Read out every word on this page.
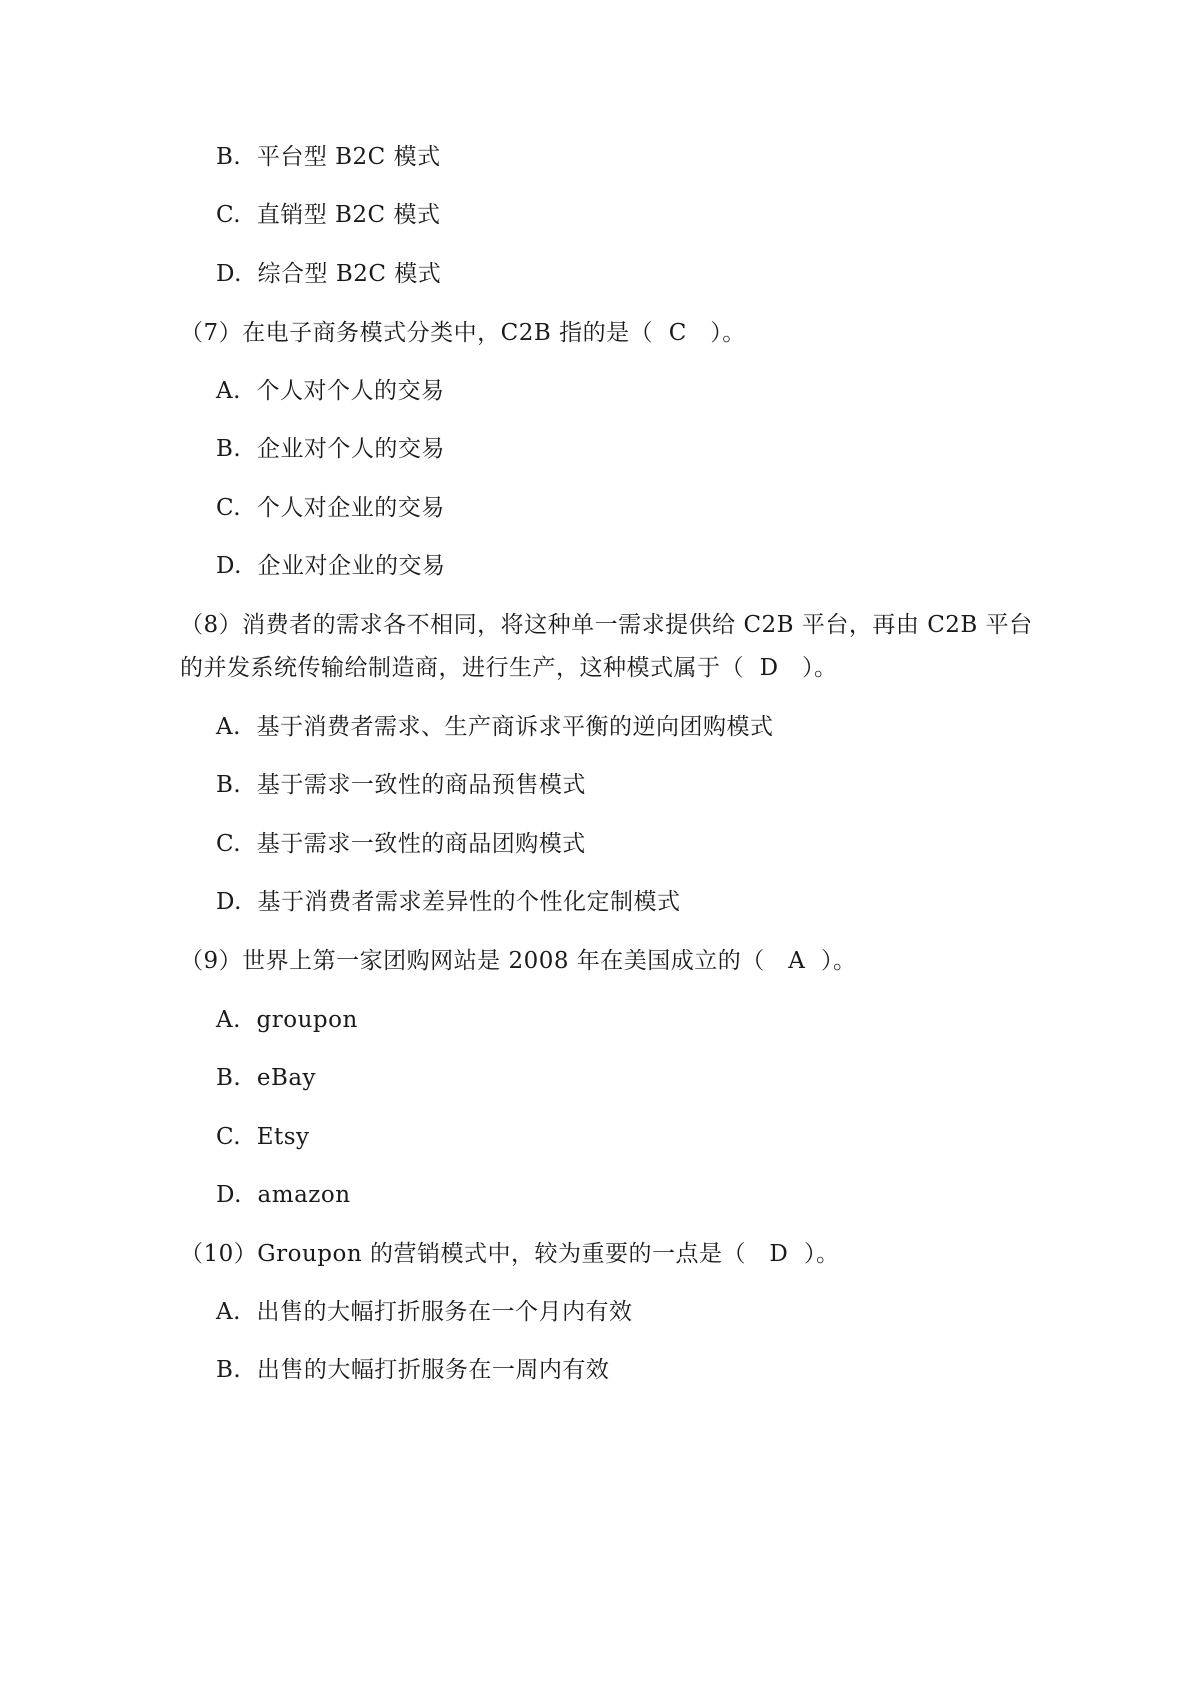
B.  平台型 B2C 模式
C.  直销型 B2C 模式
D.  综合型 B2C 模式
（7）在电子商务模式分类中，C2B 指的是（  C   ）。
A.  个人对个人的交易
B.  企业对个人的交易
C.  个人对企业的交易
D.  企业对企业的交易
（8）消费者的需求各不相同，将这种单一需求提供给 C2B 平台，再由 C2B 平台
的并发系统传输给制造商，进行生产，这种模式属于（  D   ）。
A.  基于消费者需求、生产商诉求平衡的逆向团购模式
B.  基于需求一致性的商品预售模式
C.  基于需求一致性的商品团购模式
D.  基于消费者需求差异性的个性化定制模式
（9）世界上第一家团购网站是 2008 年在美国成立的（   A  ）。
A.  groupon
B.  eBay
C.  Etsy
D.  amazon
（10）Groupon 的营销模式中，较为重要的一点是（   D  ）。
A.  出售的大幅打折服务在一个月内有效
B.  出售的大幅打折服务在一周内有效
